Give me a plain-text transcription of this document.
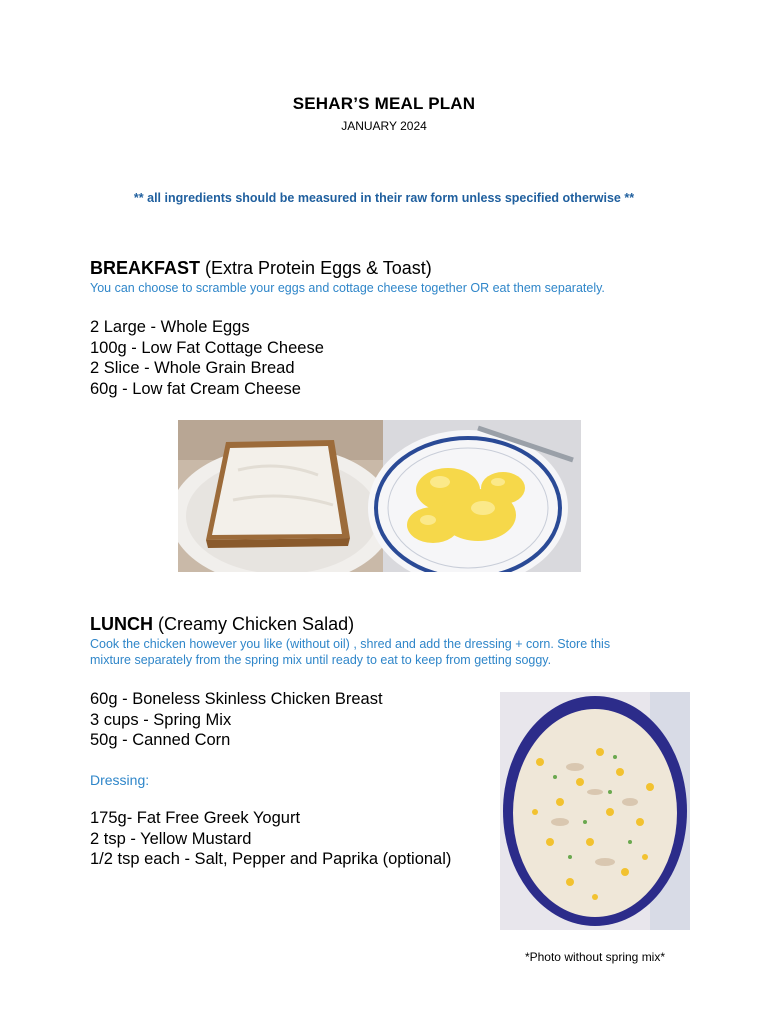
SEHAR’S MEAL PLAN
JANUARY 2024
** all ingredients should be measured in their raw form unless specified otherwise **
BREAKFAST (Extra Protein Eggs & Toast)
You can choose to scramble your eggs and cottage cheese together OR eat them separately.
2 Large - Whole Eggs
100g - Low Fat Cottage Cheese
2 Slice - Whole Grain Bread
60g - Low fat Cream Cheese
LUNCH (Creamy Chicken Salad)
Cook the chicken however you like (without oil) , shred and add the dressing + corn. Store this
mixture separately from the spring mix until ready to eat to keep from getting soggy.
60g - Boneless Skinless Chicken Breast
3 cups - Spring Mix
50g - Canned Corn
Dressing:
175g- Fat Free Greek Yogurt
2 tsp - Yellow Mustard
1/2 tsp each - Salt, Pepper and Paprika (optional)
*Photo without spring mix*
